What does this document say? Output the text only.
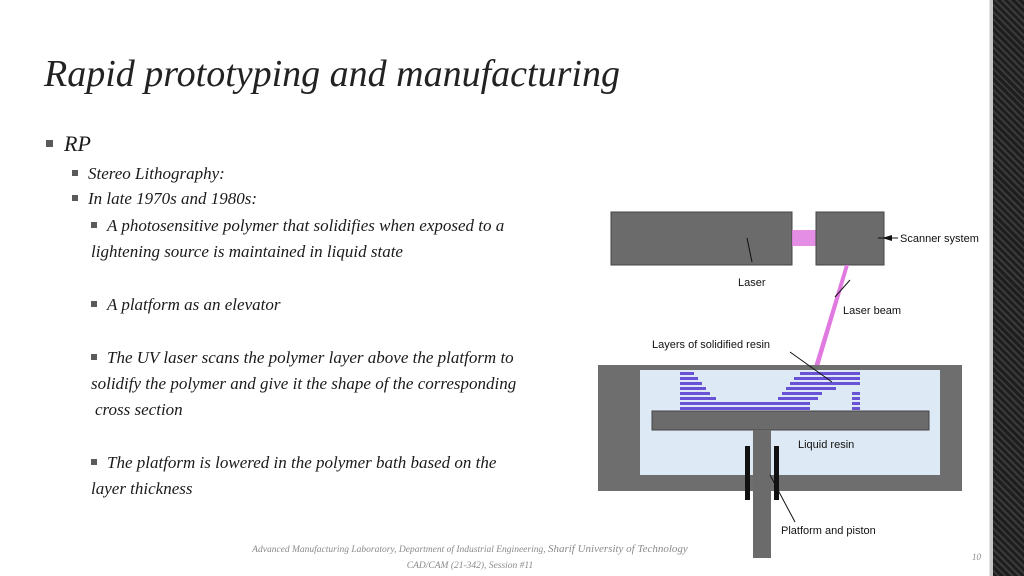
Rapid prototyping and manufacturing
RP
Stereo Lithography:
In late 1970s and 1980s:
A photosensitive polymer that solidifies when exposed to a
lightening source is maintained in liquid state
A platform as an elevator
The UV laser scans the polymer layer above the platform to
solidify the polymer and give it the shape of the corresponding
cross section
The platform is lowered in the polymer bath based on the
layer thickness
Scanner system
Laser
Laser beam
Layers of solidified resin
Liquid resin
Platform and piston
Advanced Manufacturing Laboratory, Department of Industrial Engineering, Sharif University of Technology
CAD/CAM (21-342), Session #11
10
